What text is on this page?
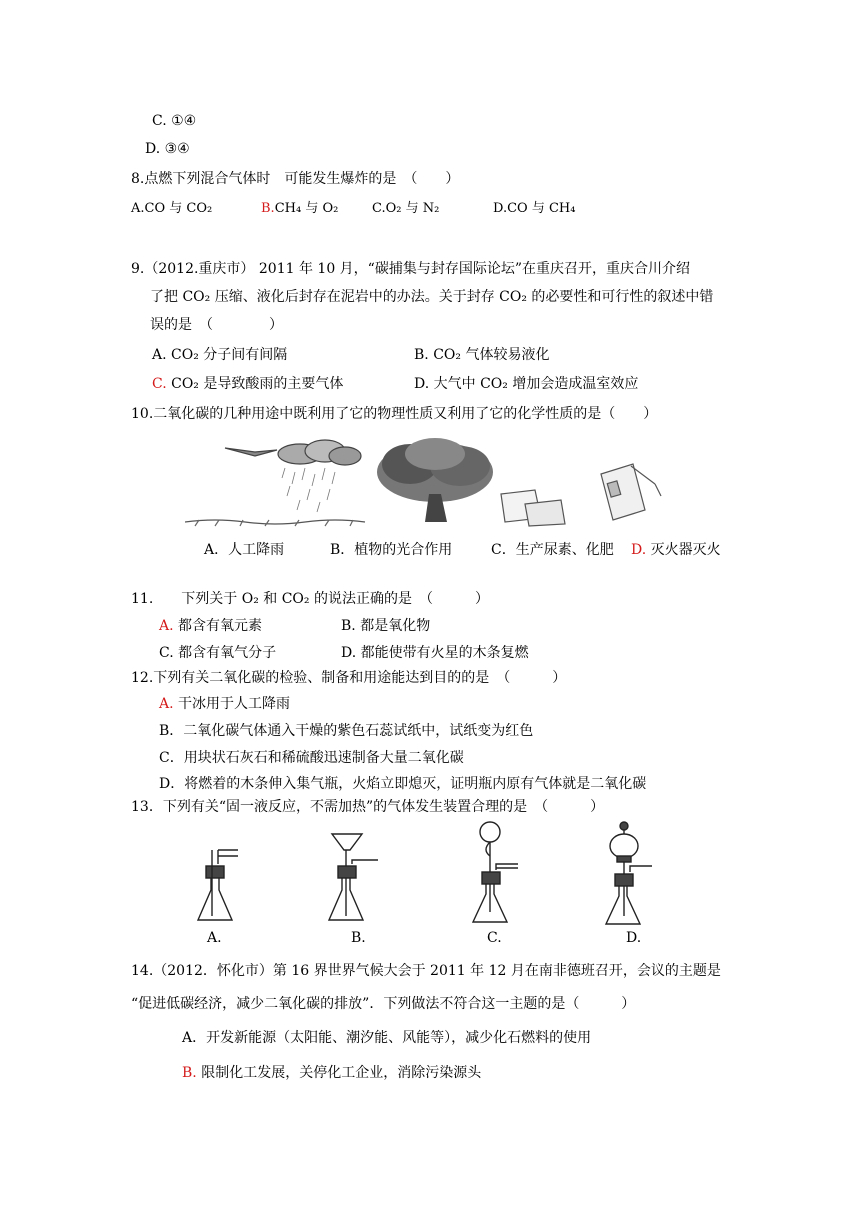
C. ①④
D. ③④
8.点燃下列混合气体时　可能发生爆炸的是　（　　）
A.CO 与 CO₂	B.CH₄ 与 O₂	C.O₂ 与 N₂	D.CO 与 CH₄
9.（2012.重庆市） 2011 年 10 月，“碳捕集与封存国际论坛”在重庆召开，重庆合川介绍
了把 CO₂ 压缩、液化后封存在泥岩中的办法。关于封存 CO₂ 的必要性和可行性的叙述中错
误的是　（　　　　）
A. CO₂ 分子间有间隔	B. CO₂ 气体较易液化
C. CO₂ 是导致酸雨的主要气体	D. 大气中 CO₂ 增加会造成温室效应
10.二氧化碳的几种用途中既利用了它的物理性质又利用了它的化学性质的是（　　）
A．人工降雨	B．植物的光合作用	C．生产尿素、化肥 D. 灭火器灭火
11.　　下列关于 O₂ 和 CO₂ 的说法正确的是　（　　　）
A. 都含有氧元素	B. 都是氧化物
C. 都含有氧气分子	D. 都能使带有火星的木条复燃
12.下列有关二氧化碳的检验、制备和用途能达到目的的是　（　　　）
A. 干冰用于人工降雨
B．二氧化碳气体通入干燥的紫色石蕊试纸中，试纸变为红色
C．用块状石灰石和稀硫酸迅速制备大量二氧化碳
D．将燃着的木条伸入集气瓶，火焰立即熄灭，证明瓶内原有气体就是二氧化碳
13．下列有关“固一液反应，不需加热”的气体发生装置合理的是　（　　　）
A.	B.	C.	D.
14.（2012．怀化市）第 16 界世界气候大会于 2011 年 12 月在南非德班召开，会议的主题是
“促进低碳经济，减少二氧化碳的排放”．下列做法不符合这一主题的是（　　　）
A．开发新能源（太阳能、潮汐能、风能等），减少化石燃料的使用
B. 限制化工发展，关停化工企业，消除污染源头
